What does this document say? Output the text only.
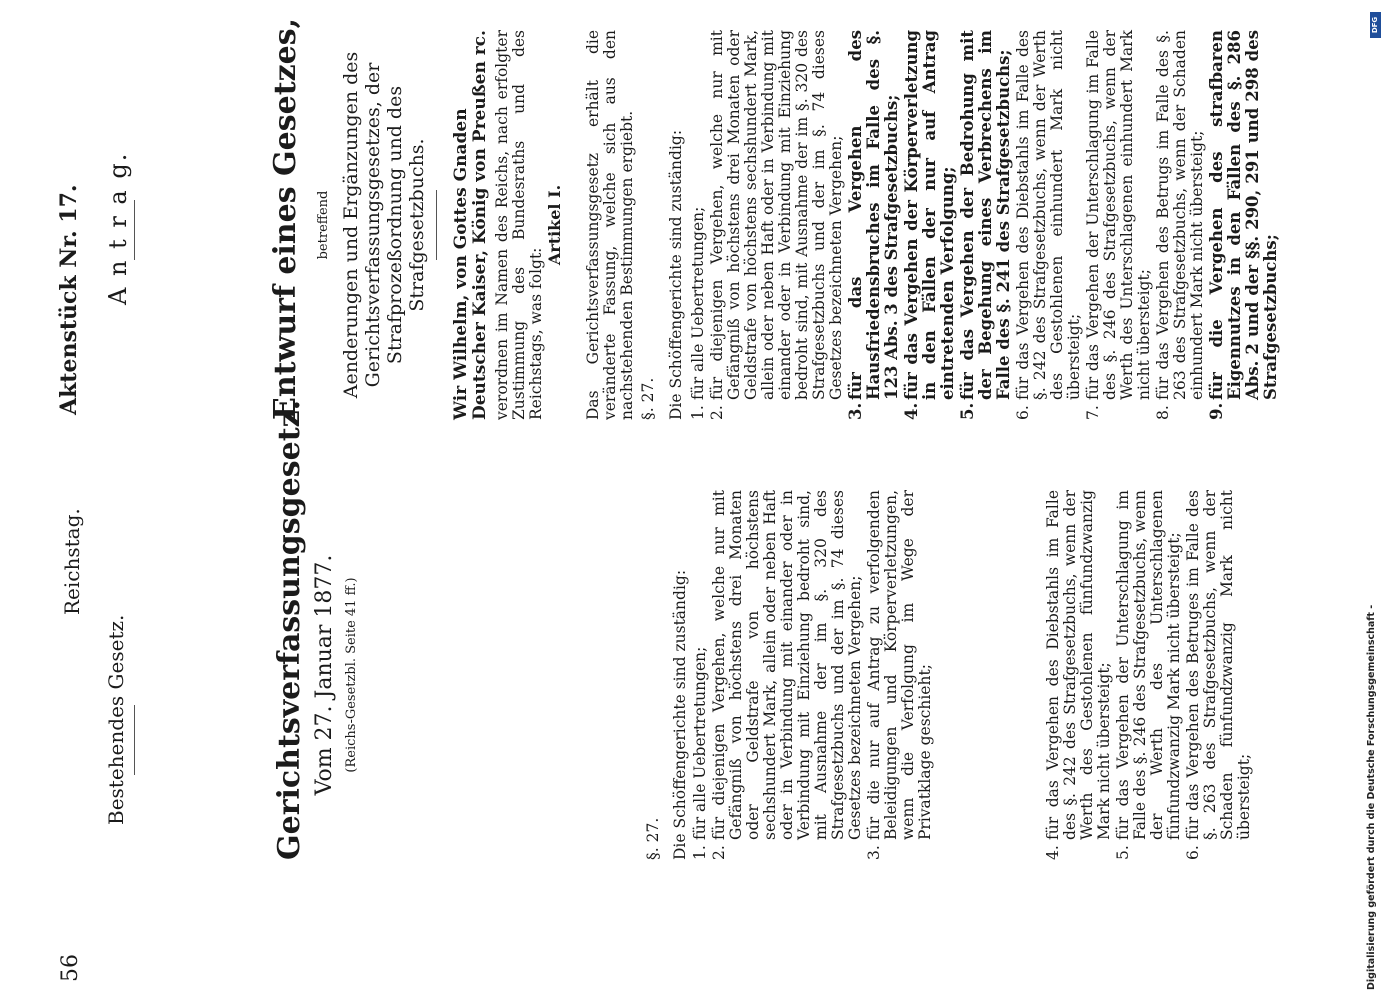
56
Bestehendes Gesetz.
Reichstag.
Aktenstück Nr. 17. A n t r a g.
Gerichtsverfassungsgesetz. Vom 27. Januar 1877. (Reichs-Gesetzbl. Seite 41 ff.)
§. 27. Die Schöffengerichte sind zuständig: 1.
für alle Uebertretungen;
2.
für diejenigen Vergehen, welche nur mit Gefängniß von höchstens drei Monaten oder Geldstrafe von höchstens sechshundert Mark, allein oder neben Haft oder in Verbindung mit einander oder in Verbindung mit Einziehung bedroht sind, mit Ausnahme der im §. 320 des Strafgesetzbuchs und der im §. 74 dieses Gesetzes bezeichneten Vergehen;
3.
für die nur auf Antrag zu verfolgenden Beleidigungen und Körperverletzungen, wenn die Verfolgung im Wege der Privatklage geschieht;
4.
für das Vergehen des Diebstahls im Falle des §. 242 des Strafgesetzbuchs, wenn der Werth des Gestohlenen fünfundzwanzig Mark nicht übersteigt;
5.
für das Vergehen der Unterschlagung im Falle des §. 246 des Strafgesetzbuchs, wenn der Werth des Unterschlagenen fünfundzwanzig Mark nicht übersteigt;
6.
für das Vergehen des Betruges im Falle des §. 263 des Strafgesetzbuchs, wenn der Schaden fünfundzwanzig Mark nicht übersteigt;
Entwurf eines Gesetzes, betreffend Aenderungen und Ergänzungen des Gerichtsverfassungsgesetzes, der Strafprozeßordnung und des Strafgesetzbuchs. Wir Wilhelm, von Gottes Gnaden Deutscher Kaiser, König von Preußen rc. verordnen im Namen des Reichs, nach erfolgter Zustimmung des Bundesraths und des Reichstags, was folgt:
Artikel I. Das Gerichtsverfassungsgesetz erhält die veränderte Fassung, welche sich aus den nachstehenden Bestimmungen ergiebt. §. 27. Die Schöffengerichte sind zuständig: 1.
für alle Uebertretungen;
2.
für diejenigen Vergehen, welche nur mit Gefängniß von höchstens drei Monaten oder Geldstrafe von höchstens sechshundert Mark, allein oder neben Haft oder in Verbindung mit einander oder in Verbindung mit Einziehung bedroht sind, mit Ausnahme der im §. 320 des Strafgesetzbuchs und der im §. 74 dieses Gesetzes bezeichneten Vergehen;
3.
für das Vergehen des Hausfriedensbruches im Falle des §. 123 Abs. 3 des Strafgesetzbuchs;
4.
für das Vergehen der Körperverletzung in den Fällen der nur auf Antrag eintretenden Verfolgung;
5.
für das Vergehen der Bedrohung mit der Begehung eines Verbrechens im Falle des §. 241 des Strafgesetzbuchs;
6.
für das Vergehen des Diebstahls im Falle des §. 242 des Strafgesetzbuchs, wenn der Werth des Gestohlenen einhundert Mark nicht übersteigt;
7.
für das Vergehen der Unterschlagung im Falle des §. 246 des Strafgesetzbuchs, wenn der Werth des Unterschlagenen einhundert Mark nicht übersteigt;
8.
für das Vergehen des Betrugs im Falle des §. 263 des Strafgesetzbuchs, wenn der Schaden einhundert Mark nicht übersteigt;
9.
für die Vergehen des strafbaren Eigennutzes in den Fällen des §. 286 Abs. 2 und der §§. 290, 291 und 298 des Strafgesetzbuchs;
Digitalisierung gefördert durch die Deutsche Forschungsgemeinschaft -
DFG
